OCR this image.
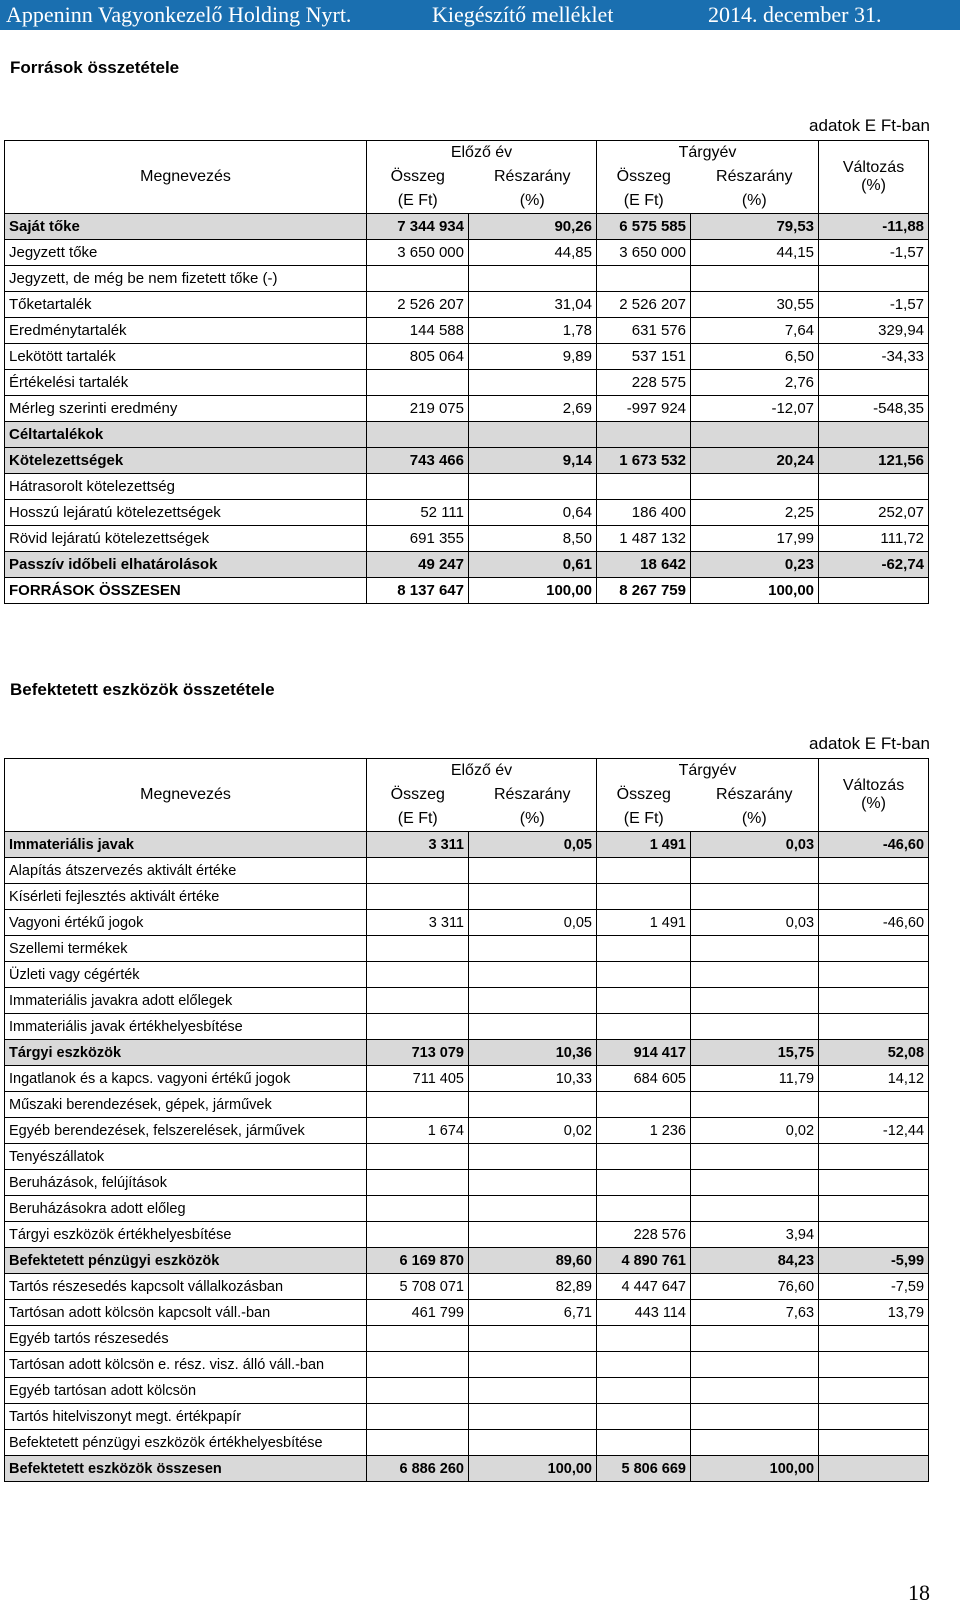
Appeninn Vagyonkezelő Holding Nyrt.	Kiegészítő melléklet	2014. december 31.
Források összetétele
adatok E Ft-ban
Megnevezés	Előző év		Tárgyév		Változás
(%)
	Összeg	Részarány	Összeg	Részarány	
	(E Ft)	(%)	(E Ft)	(%)	
Saját tőke	7 344 934	90,26	6 575 585	79,53	-11,88
Jegyzett tőke	3 650 000	44,85	3 650 000	44,15	-1,57
Jegyzett, de még be nem fizetett tőke (-)					
Tőketartalék	2 526 207	31,04	2 526 207	30,55	-1,57
Eredménytartalék	144 588	1,78	631 576	7,64	329,94
Lekötött tartalék	805 064	9,89	537 151	6,50	-34,33
Értékelési tartalék			228 575	2,76	
Mérleg szerinti eredmény	219 075	2,69	-997 924	-12,07	-548,35
Céltartalékok					
Kötelezettségek	743 466	9,14	1 673 532	20,24	121,56
Hátrasorolt kötelezettség					
Hosszú lejáratú kötelezettségek	52 111	0,64	186 400	2,25	252,07
Rövid lejáratú kötelezettségek	691 355	8,50	1 487 132	17,99	111,72
Passzív időbeli elhatárolások	49 247	0,61	18 642	0,23	-62,74
FORRÁSOK ÖSSZESEN	8 137 647	100,00	8 267 759	100,00	
Befektetett eszközök összetétele
adatok E Ft-ban
Megnevezés	Előző év		Tárgyév		Változás
(%)
	Összeg	Részarány	Összeg	Részarány	
	(E Ft)	(%)	(E Ft)	(%)	
Immateriális javak	3 311	0,05	1 491	0,03	-46,60
Alapítás átszervezés aktivált értéke					
Kísérleti fejlesztés aktivált értéke					
Vagyoni értékű jogok	3 311	0,05	1 491	0,03	-46,60
Szellemi termékek					
Üzleti vagy cégérték					
Immateriális javakra adott előlegek					
Immateriális javak értékhelyesbítése					
Tárgyi eszközök	713 079	10,36	914 417	15,75	52,08
Ingatlanok és a kapcs. vagyoni értékű jogok	711 405	10,33	684 605	11,79	14,12
Műszaki berendezések, gépek, járművek					
Egyéb berendezések, felszerelések, járművek	1 674	0,02	1 236	0,02	-12,44
Tenyészállatok					
Beruházások, felújítások					
Beruházásokra adott előleg					
Tárgyi eszközök értékhelyesbítése			228 576	3,94	
Befektetett pénzügyi eszközök	6 169 870	89,60	4 890 761	84,23	-5,99
Tartós részesedés kapcsolt vállalkozásban	5 708 071	82,89	4 447 647	76,60	-7,59
Tartósan adott kölcsön kapcsolt váll.-ban	461 799	6,71	443 114	7,63	13,79
Egyéb tartós részesedés					
Tartósan adott kölcsön e. rész. visz. álló váll.-ban					
Egyéb tartósan adott kölcsön					
Tartós hitelviszonyt megt. értékpapír					
Befektetett pénzügyi eszközök értékhelyesbítése					
Befektetett eszközök összesen	6 886 260	100,00	5 806 669	100,00	
18
